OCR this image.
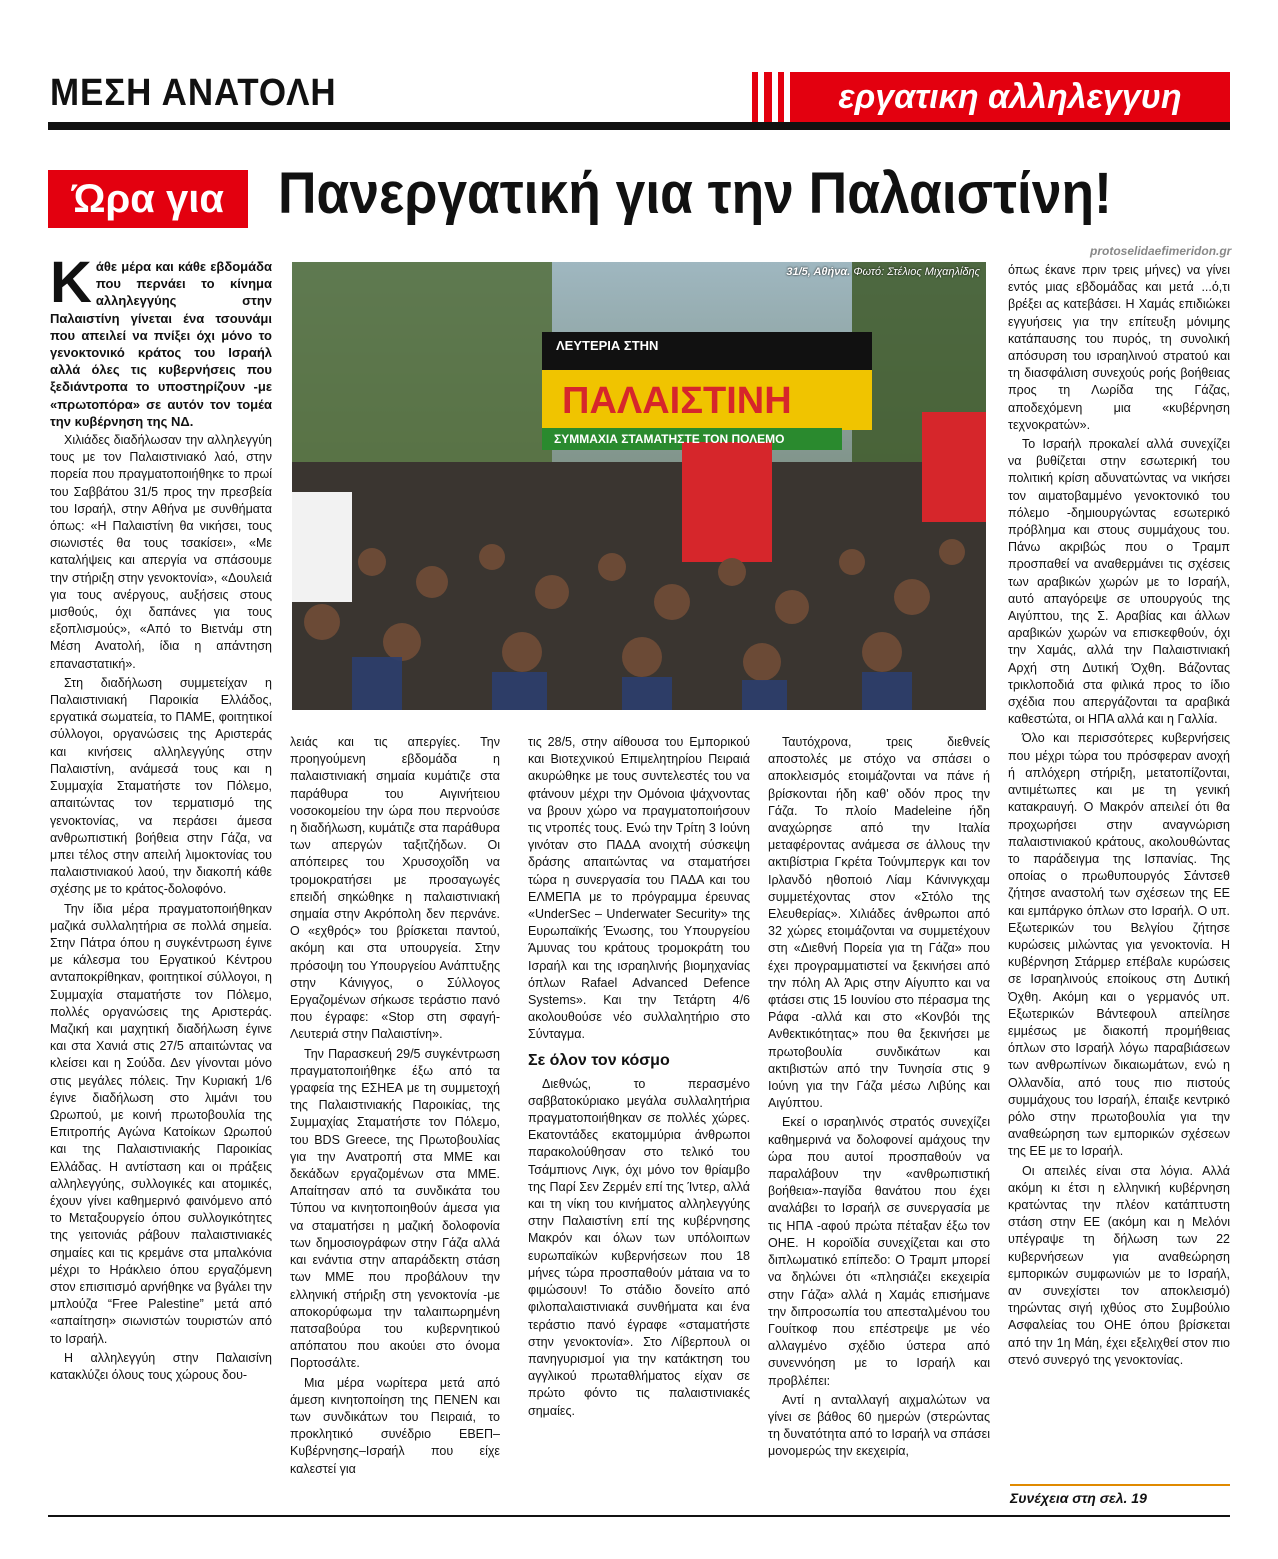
ΜΕΣΗ ΑΝΑΤΟΛΗ	εργατικη αλληλεγγυη
Ώρα για Πανεργατική για την Παλαιστίνη!
protoselidaefimeridon.gr

Κάθε μέρα και κάθε εβδομάδα που περνάει το κίνημα αλληλεγγύης στην Παλαιστίνη γίνεται ένα τσουνάμι που απειλεί να πνίξει όχι μόνο το γενοκτονικό κράτος του Ισραήλ αλλά όλες τις κυβερνήσεις που ξεδιάντροπα το υποστηρίζουν -με «πρωτοπόρα» σε αυτόν τον τομέα την κυβέρνηση της ΝΔ.

Χιλιάδες διαδήλωσαν την αλληλεγγύη τους με τον Παλαιστινιακό λαό, στην πορεία που πραγματοποιήθηκε το πρωί του Σαββάτου 31/5 προς την πρεσβεία του Ισραήλ, στην Αθήνα με συνθήματα όπως: «Η Παλαιστίνη θα νικήσει, τους σιωνιστές θα τους τσακίσει», «Με καταλήψεις και απεργία να σπάσουμε την στήριξη στην γενοκτονία», «Δουλειά για τους ανέργους, αυξήσεις στους μισθούς, όχι δαπάνες για τους εξοπλισμούς», «Από το Βιετνάμ στη Μέση Ανατολή, ίδια η απάντηση επαναστατική».

Στη διαδήλωση συμμετείχαν η Παλαιστινιακή Παροικία Ελλάδος, εργατικά σωματεία, το ΠΑΜΕ, φοιτητικοί σύλλογοι, οργανώσεις της Αριστεράς και κινήσεις αλληλεγγύης στην Παλαιστίνη, ανάμεσά τους και η Συμμαχία Σταματήστε τον Πόλεμο, απαιτώντας τον τερματισμό της γενοκτονίας, να περάσει άμεσα ανθρωπιστική βοήθεια στην Γάζα, να μπει τέλος στην απειλή λιμοκτονίας του παλαιστινιακού λαού, την διακοπή κάθε σχέσης με το κράτος-δολοφόνο.

Την ίδια μέρα πραγματοποιήθηκαν μαζικά συλλαλητήρια σε πολλά σημεία. Στην Πάτρα όπου η συγκέντρωση έγινε με κάλεσμα του Εργατικού Κέντρου ανταποκρίθηκαν, φοιτητικοί σύλλογοι, η Συμμαχία σταματήστε τον Πόλεμο, πολλές οργανώσεις της Αριστεράς. Μαζική και μαχητική διαδήλωση έγινε και στα Χανιά στις 27/5 απαιτώντας να κλείσει και η Σούδα. Δεν γίνονται μόνο στις μεγάλες πόλεις. Την Κυριακή 1/6 έγινε διαδήλωση στο λιμάνι του Ωρωπού, με κοινή πρωτοβουλία της Επιτροπής Αγώνα Κατοίκων Ωρωπού και της Παλαιστινιακής Παροικίας Ελλάδας. Η αντίσταση και οι πράξεις αλληλεγγύης, συλλογικές και ατομικές, έχουν γίνει καθημερινό φαινόμενο από το Μεταξουργείο όπου συλλογικότητες της γειτονιάς ράβουν παλαιστινιακές σημαίες και τις κρεμάνε στα μπαλκόνια μέχρι το Ηράκλειο όπου εργαζόμενη στον επισιτισμό αρνήθηκε να βγάλει την μπλούζα “Free Palestine” μετά από «απαίτηση» σιωνιστών τουριστών από το Ισραήλ.

Η αλληλεγγύη στην Παλαισίνη κατακλύζει όλους τους χώρους δου-

ΛΕΥΤΕΡΙΑ ΣΤΗΝ
ΠΑΛΑΙΣΤΙΝΗ
ΣΥΜΜΑΧΙΑ ΣΤΑΜΑΤΗΣΤΕ ΤΟΝ ΠΟΛΕΜΟ
31/5, Αθήνα. Φωτό: Στέλιος Μιχαηλίδης

λειάς και τις απεργίες. Την προηγούμενη εβδομάδα η παλαιστινιακή σημαία κυμάτιζε στα παράθυρα του Αιγινήτειου νοσοκομείου την ώρα που περνούσε η διαδήλωση, κυμάτιζε στα παράθυρα των απεργών ταξιτζήδων. Οι απόπειρες του Χρυσοχοΐδη να τρομοκρατήσει με προσαγωγές επειδή σηκώθηκε η παλαιστινιακή σημαία στην Ακρόπολη δεν περνάνε. Ο «εχθρός» του βρίσκεται παντού, ακόμη και στα υπουργεία. Στην πρόσοψη του Υπουργείου Ανάπτυξης στην Κάνιγγος, ο Σύλλογος Εργαζομένων σήκωσε τεράστιο πανό που έγραφε: «Stop στη σφαγή-Λευτεριά στην Παλαιστίνη».

Την Παρασκευή 29/5 συγκέντρωση πραγματοποιήθηκε έξω από τα γραφεία της ΕΣΗΕΑ με τη συμμετοχή της Παλαιστινιακής Παροικίας, της Συμμαχίας Σταματήστε τον Πόλεμο, του BDS Greece, της Πρωτοβουλίας για την Ανατροπή στα ΜΜΕ και δεκάδων εργαζομένων στα ΜΜΕ. Απαίτησαν από τα συνδικάτα του Τύπου να κινητοποιηθούν άμεσα για να σταματήσει η μαζική δολοφονία των δημοσιογράφων στην Γάζα αλλά και ενάντια στην απαράδεκτη στάση των ΜΜΕ που προβάλουν την ελληνική στήριξη στη γενοκτονία -με αποκορύφωμα την ταλαιπωρημένη πατσαβούρα του κυβερνητικού απόπατου που ακούει στο όνομα Πορτοσάλτε.

Μια μέρα νωρίτερα μετά από άμεση κινητοποίηση της ΠΕΝΕΝ και των συνδικάτων του Πειραιά, το προκλητικό συνέδριο ΕΒΕΠ–Κυβέρνησης–Ισραήλ που είχε καλεστεί για

τις 28/5, στην αίθουσα του Εμπορικού και Βιοτεχνικού Επιμελητηρίου Πειραιά ακυρώθηκε με τους συντελεστές του να φτάνουν μέχρι την Ομόνοια ψάχνοντας να βρουν χώρο να πραγματοποιήσουν τις ντροπές τους. Ενώ την Τρίτη 3 Ιούνη γινόταν στο ΠΑΔΑ ανοιχτή σύσκεψη δράσης απαιτώντας να σταματήσει τώρα η συνεργασία του ΠΑΔΑ και του ΕΛΜΕΠΑ με το πρόγραμμα έρευνας «UnderSec – Underwater Security» της Ευρωπαϊκής Ένωσης, του Υπουργείου Άμυνας του κράτους τρομοκράτη του Ισραήλ και της ισραηλινής βιομηχανίας όπλων Rafael Advanced Defence Systems». Και την Τετάρτη 4/6 ακολουθούσε νέο συλλαλητήριο στο Σύνταγμα.

Σε όλον τον κόσμο

Διεθνώς, το περασμένο σαββατοκύριακο μεγάλα συλλαλητήρια πραγματοποιήθηκαν σε πολλές χώρες. Εκατοντάδες εκατομμύρια άνθρωποι παρακολούθησαν στο τελικό του Τσάμπιονς Λιγκ, όχι μόνο τον θρίαμβο της Παρί Σεν Ζερμέν επί της Ίντερ, αλλά και τη νίκη του κινήματος αλληλεγγύης στην Παλαιστίνη επί της κυβέρνησης Μακρόν και όλων των υπόλοιπων ευρωπαϊκών κυβερνήσεων που 18 μήνες τώρα προσπαθούν μάταια να το φιμώσουν! Το στάδιο δονείτο από φιλοπαλαιστινιακά συνθήματα και ένα τεράστιο πανό έγραφε «σταματήστε στην γενοκτονία». Στο Λίβερπουλ οι πανηγυρισμοί για την κατάκτηση του αγγλικού πρωταθλήματος είχαν σε πρώτο φόντο τις παλαιστινιακές σημαίες.

Ταυτόχρονα, τρεις διεθνείς αποστολές με στόχο να σπάσει ο αποκλεισμός ετοιμάζονται να πάνε ή βρίσκονται ήδη καθ' οδόν προς την Γάζα. Το πλοίο Madeleine ήδη αναχώρησε από την Ιταλία μεταφέροντας ανάμεσα σε άλλους την ακτιβίστρια Γκρέτα Τούνμπεργκ και τον Ιρλανδό ηθοποιό Λίαμ Κάνινγκχαμ συμμετέχοντας στον «Στόλο της Ελευθερίας». Χιλιάδες άνθρωποι από 32 χώρες ετοιμάζονται να συμμετέχουν στη «Διεθνή Πορεία για τη Γάζα» που έχει προγραμματιστεί να ξεκινήσει από την πόλη Αλ Άρις στην Αίγυπτο και να φτάσει στις 15 Ιουνίου στο πέρασμα της Ράφα -αλλά και στο «Κονβόι της Ανθεκτικότητας» που θα ξεκινήσει με πρωτοβουλία συνδικάτων και ακτιβιστών από την Τυνησία στις 9 Ιούνη για την Γάζα μέσω Λιβύης και Αιγύπτου.

Εκεί ο ισραηλινός στρατός συνεχίζει καθημερινά να δολοφονεί αμάχους την ώρα που αυτοί προσπαθούν να παραλάβουν την «ανθρωπιστική βοήθεια»-παγίδα θανάτου που έχει αναλάβει το Ισραήλ σε συνεργασία με τις ΗΠΑ -αφού πρώτα πέταξαν έξω τον ΟΗΕ. Η κοροϊδία συνεχίζεται και στο διπλωματικό επίπεδο: Ο Τραμπ μπορεί να δηλώνει ότι «πλησιάζει εκεχειρία στην Γάζα» αλλά η Χαμάς επισήμανε την διπροσωπία του απεσταλμένου του Γουίτκοφ που επέστρεψε με νέο αλλαγμένο σχέδιο ύστερα από συνεννόηση με το Ισραήλ και προβλέπει:

Αντί η ανταλλαγή αιχμαλώτων να γίνει σε βάθος 60 ημερών (στερώντας τη δυνατότητα από το Ισραήλ να σπάσει μονομερώς την εκεχειρία,

όπως έκανε πριν τρεις μήνες) να γίνει εντός μιας εβδομάδας και μετά ...ό,τι βρέξει ας κατεβάσει. Η Χαμάς επιδιώκει εγγυήσεις για την επίτευξη μόνιμης κατάπαυσης του πυρός, τη συνολική απόσυρση του ισραηλινού στρατού και τη διασφάλιση συνεχούς ροής βοήθειας προς τη Λωρίδα της Γάζας, αποδεχόμενη μια «κυβέρνηση τεχνοκρατών».

Το Ισραήλ προκαλεί αλλά συνεχίζει να βυθίζεται στην εσωτερική του πολιτική κρίση αδυνατώντας να νικήσει τον αιματοβαμμένο γενοκτονικό του πόλεμο -δημιουργώντας εσωτερικό πρόβλημα και στους συμμάχους του. Πάνω ακριβώς που ο Τραμπ προσπαθεί να αναθερμάνει τις σχέσεις των αραβικών χωρών με το Ισραήλ, αυτό απαγόρεψε σε υπουργούς της Αιγύπτου, της Σ. Αραβίας και άλλων αραβικών χωρών να επισκεφθούν, όχι την Χαμάς, αλλά την Παλαιστινιακή Αρχή στη Δυτική Όχθη. Βάζοντας τρικλοποδιά στα φιλικά προς το ίδιο σχέδια που απεργάζονται τα αραβικά καθεστώτα, οι ΗΠΑ αλλά και η Γαλλία.

Όλο και περισσότερες κυβερνήσεις που μέχρι τώρα του πρόσφεραν ανοχή ή απλόχερη στήριξη, μετατοπίζονται, αντιμέτωπες και με τη γενική κατακραυγή. Ο Μακρόν απειλεί ότι θα προχωρήσει στην αναγνώριση παλαιστινιακού κράτους, ακολουθώντας το παράδειγμα της Ισπανίας. Της οποίας ο πρωθυπουργός Σάντσεθ ζήτησε αναστολή των σχέσεων της ΕΕ και εμπάργκο όπλων στο Ισραήλ. Ο υπ. Εξωτερικών του Βελγίου ζήτησε κυρώσεις μιλώντας για γενοκτονία. Η κυβέρνηση Στάρμερ επέβαλε κυρώσεις σε Ισραηλινούς εποίκους στη Δυτική Όχθη. Ακόμη και ο γερμανός υπ. Εξωτερικών Βάντεφουλ απείλησε εμμέσως με διακοπή προμήθειας όπλων στο Ισραήλ λόγω παραβιάσεων των ανθρωπίνων δικαιωμάτων, ενώ η Ολλανδία, από τους πιο πιστούς συμμάχους του Ισραήλ, έπαιξε κεντρικό ρόλο στην πρωτοβουλία για την αναθεώρηση των εμπορικών σχέσεων της ΕΕ με το Ισραήλ.

Οι απειλές είναι στα λόγια. Αλλά ακόμη κι έτσι η ελληνική κυβέρνηση κρατώντας την πλέον κατάπτυστη στάση στην ΕΕ (ακόμη και η Μελόνι υπέγραψε τη δήλωση των 22 κυβερνήσεων για αναθεώρηση εμπορικών συμφωνιών με το Ισραήλ, αν συνεχίστει τον αποκλεισμό) τηρώντας σιγή ιχθύος στο Συμβούλιο Ασφαλείας του ΟΗΕ όπου βρίσκεται από την 1η Μάη, έχει εξελιχθεί στον πιο στενό συνεργό της γενοκτονίας.

Συνέχεια στη σελ. 19
